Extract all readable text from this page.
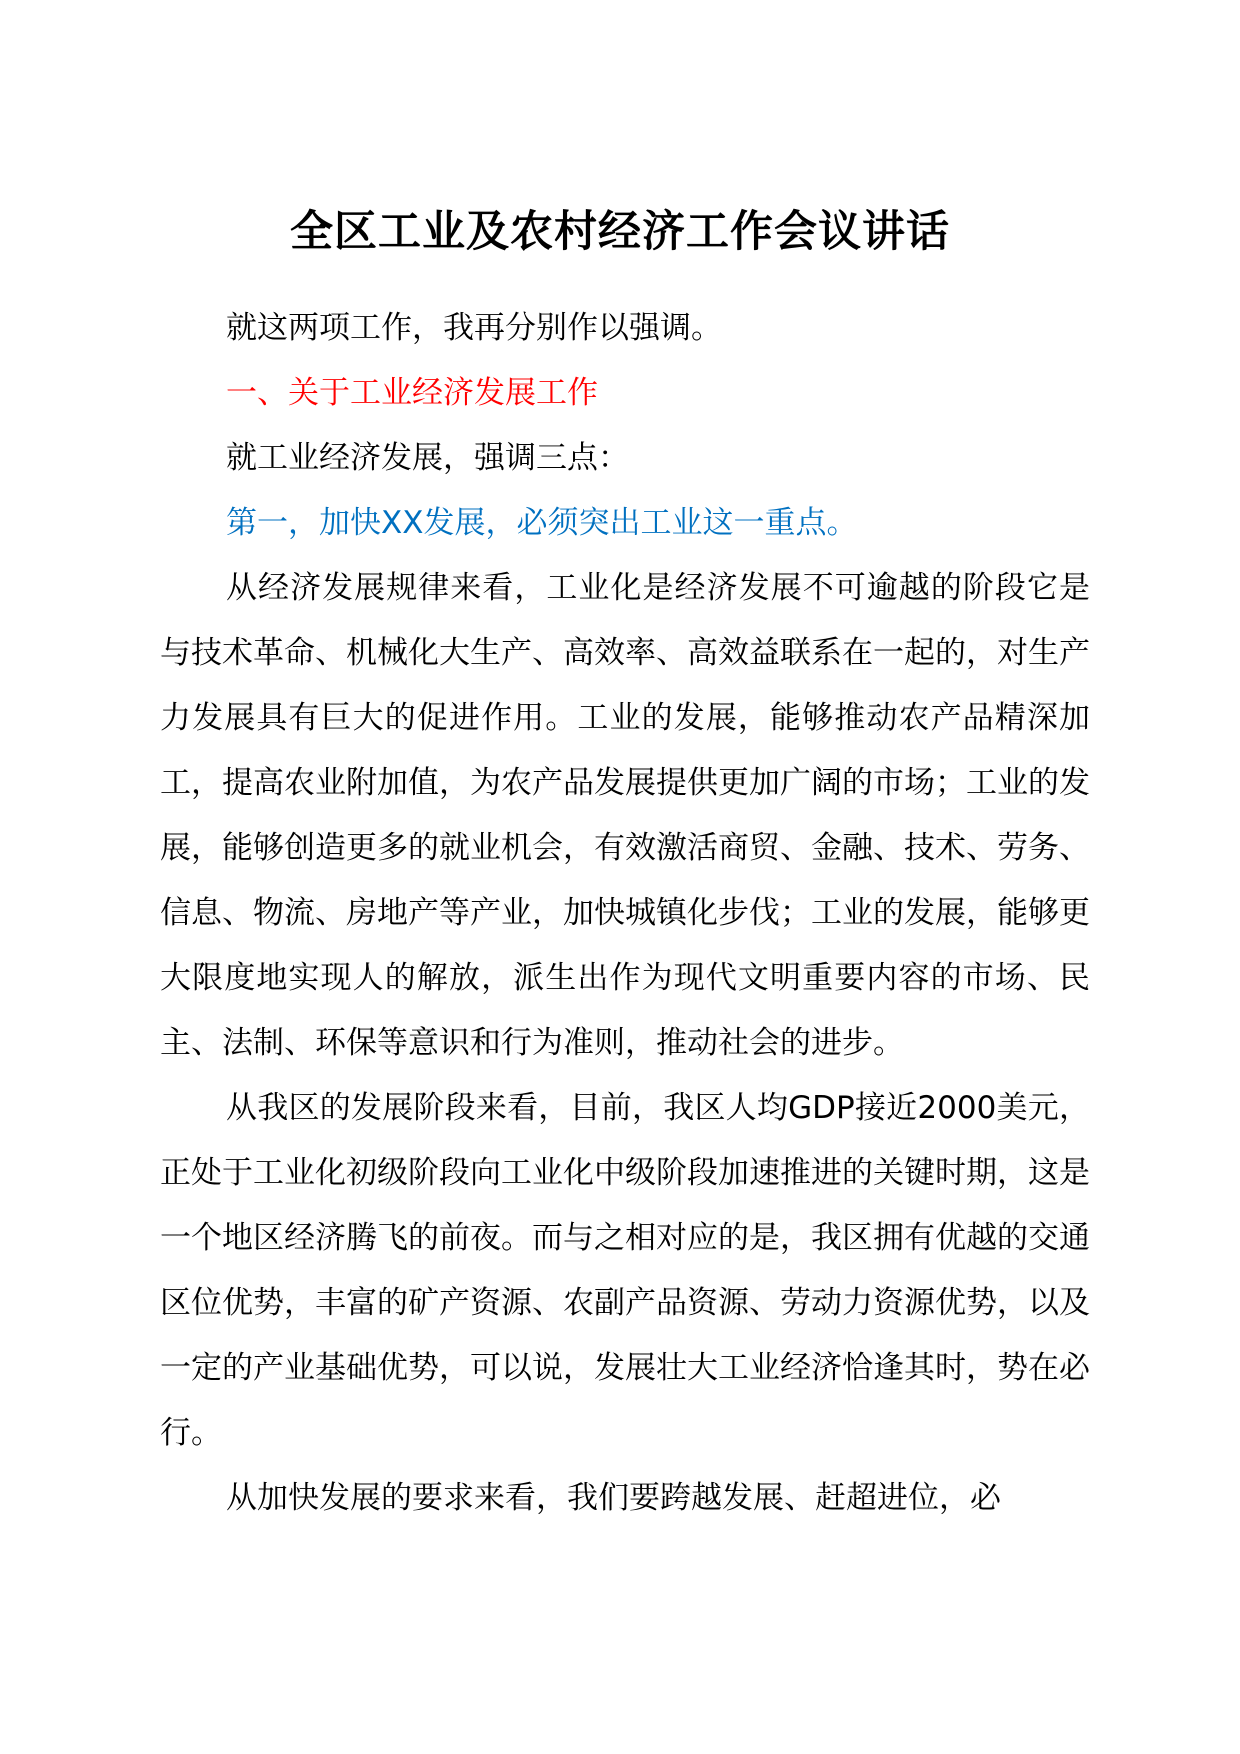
全区工业及农村经济工作会议讲话

就这两项工作，我再分别作以强调。

一、关于工业经济发展工作

就工业经济发展，强调三点：

第一，加快XX发展，必须突出工业这一重点。

从经济发展规律来看，工业化是经济发展不可逾越的阶段它是与技术革命、机械化大生产、高效率、高效益联系在一起的，对生产力发展具有巨大的促进作用。工业的发展，能够推动农产品精深加工，提高农业附加值，为农产品发展提供更加广阔的市场；工业的发展，能够创造更多的就业机会，有效激活商贸、金融、技术、劳务、信息、物流、房地产等产业，加快城镇化步伐；工业的发展，能够更大限度地实现人的解放，派生出作为现代文明重要内容的市场、民主、法制、环保等意识和行为准则，推动社会的进步。

从我区的发展阶段来看，目前，我区人均GDP接近2000美元，正处于工业化初级阶段向工业化中级阶段加速推进的关键时期，这是一个地区经济腾飞的前夜。而与之相对应的是，我区拥有优越的交通区位优势，丰富的矿产资源、农副产品资源、劳动力资源优势，以及一定的产业基础优势，可以说，发展壮大工业经济恰逢其时，势在必行。

从加快发展的要求来看，我们要跨越发展、赶超进位，必
